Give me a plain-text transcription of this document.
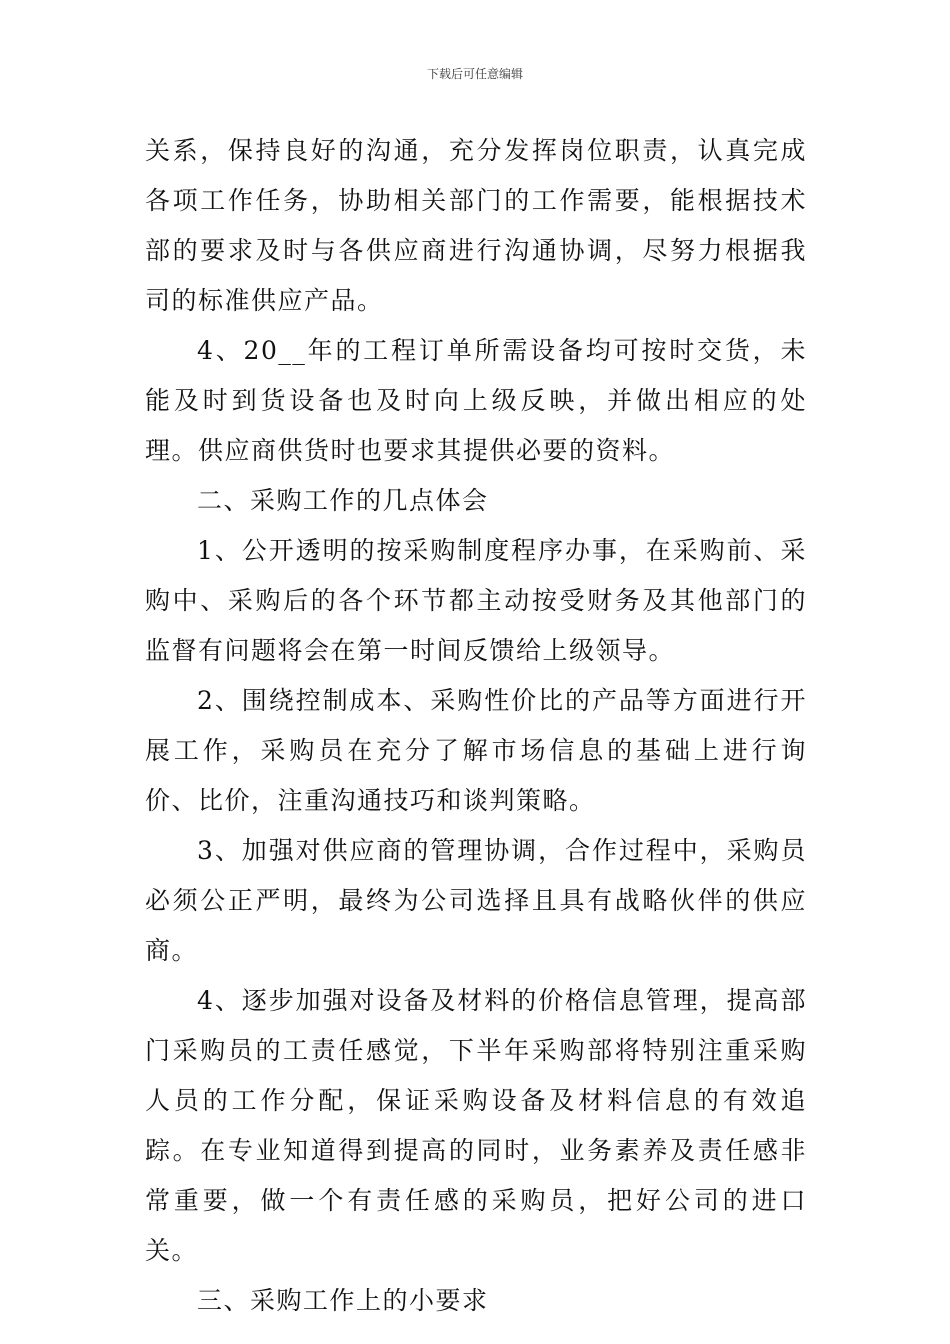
下载后可任意编辑

关系，保持良好的沟通，充分发挥岗位职责，认真完成各项工作任务，协助相关部门的工作需要，能根据技术部的要求及时与各供应商进行沟通协调，尽努力根据我司的标准供应产品。

4、20__年的工程订单所需设备均可按时交货，未能及时到货设备也及时向上级反映，并做出相应的处理。供应商供货时也要求其提供必要的资料。

二、采购工作的几点体会

1、公开透明的按采购制度程序办事，在采购前、采购中、采购后的各个环节都主动按受财务及其他部门的监督有问题将会在第一时间反馈给上级领导。

2、围绕控制成本、采购性价比的产品等方面进行开展工作，采购员在充分了解市场信息的基础上进行询价、比价，注重沟通技巧和谈判策略。

3、加强对供应商的管理协调，合作过程中，采购员必须公正严明，最终为公司选择且具有战略伙伴的供应商。

4、逐步加强对设备及材料的价格信息管理，提高部门采购员的工责任感觉，下半年采购部将特别注重采购人员的工作分配，保证采购设备及材料信息的有效追踪。在专业知道得到提高的同时，业务素养及责任感非常重要，做一个有责任感的采购员，把好公司的进口关。

三、采购工作上的小要求
